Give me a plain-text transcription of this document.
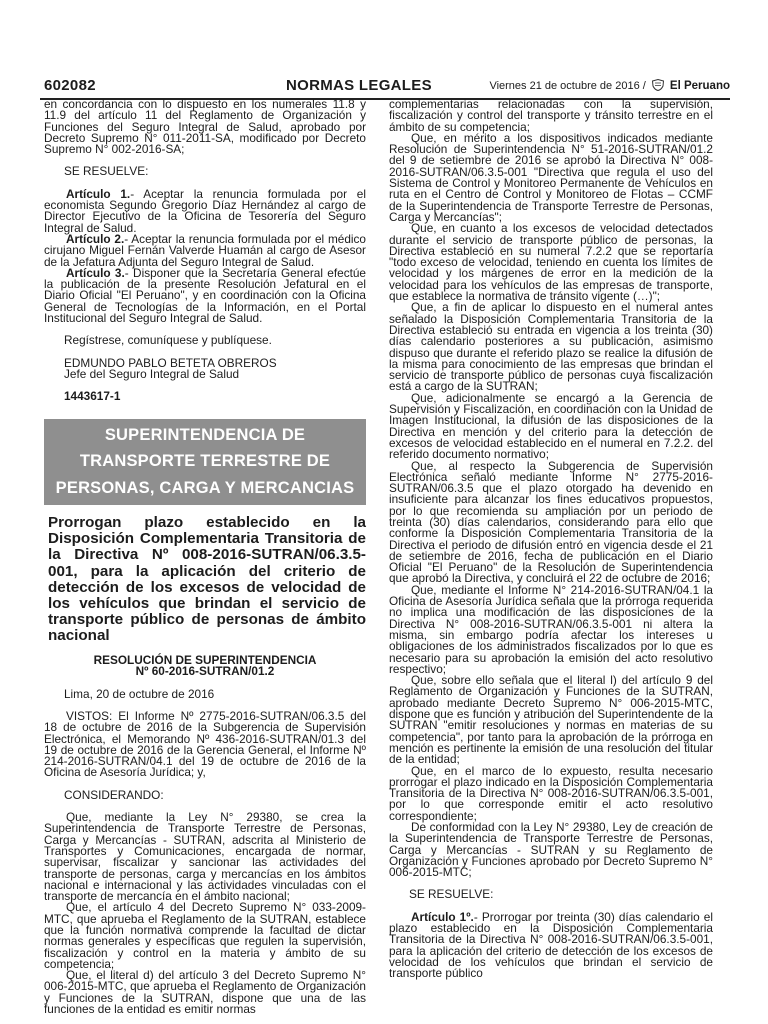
602082	NORMAS LEGALES	Viernes 21 de octubre de 2016 / El Peruano

en concordancia con lo dispuesto en los numerales 11.8 y 11.9 del artículo 11 del Reglamento de Organización y Funciones del Seguro Integral de Salud, aprobado por Decreto Supremo N° 011-2011-SA, modificado por Decreto Supremo N° 002-2016-SA;

SE RESUELVE:

Artículo 1.- Aceptar la renuncia formulada por el economista Segundo Gregorio Díaz Hernández al cargo de Director Ejecutivo de la Oficina de Tesorería del Seguro Integral de Salud.

Artículo 2.- Aceptar la renuncia formulada por el médico cirujano Miguel Fernán Valverde Huamán al cargo de Asesor de la Jefatura Adjunta del Seguro Integral de Salud.

Artículo 3.- Disponer que la Secretaría General efectúe la publicación de la presente Resolución Jefatural en el Diario Oficial "El Peruano", y en coordinación con la Oficina General de Tecnologías de la Información, en el Portal Institucional del Seguro Integral de Salud.

Regístrese, comuníquese y publíquese.

EDMUNDO PABLO BETETA OBREROS

Jefe del Seguro Integral de Salud

1443617-1

SUPERINTENDENCIA DE
TRANSPORTE TERRESTRE DE
PERSONAS, CARGA Y MERCANCIAS
Prorrogan plazo establecido en la Disposición Complementaria Transitoria de la Directiva Nº 008-2016-SUTRAN/06.3.5-001, para la aplicación del criterio de detección de los excesos de velocidad de los vehículos que brindan el servicio de transporte público de personas de ámbito nacional
RESOLUCIÓN DE SUPERINTENDENCIA
Nº 60-2016-SUTRAN/01.2

Lima, 20 de octubre de 2016

VISTOS: El Informe Nº 2775-2016-SUTRAN/06.3.5 del 18 de octubre de 2016 de la Subgerencia de Supervisión Electrónica, el Memorando Nº 436-2016-SUTRAN/01.3 del 19 de octubre de 2016 de la Gerencia General, el Informe Nº 214-2016-SUTRAN/04.1 del 19 de octubre de 2016 de la Oficina de Asesoría Jurídica; y,

CONSIDERANDO:

Que, mediante la Ley N° 29380, se crea la Superintendencia de Transporte Terrestre de Personas, Carga y Mercancías - SUTRAN, adscrita al Ministerio de Transportes y Comunicaciones, encargada de normar, supervisar, fiscalizar y sancionar las actividades del transporte de personas, carga y mercancías en los ámbitos nacional e internacional y las actividades vinculadas con el transporte de mercancía en el ámbito nacional;

Que, el artículo 4 del Decreto Supremo N° 033-2009-MTC, que aprueba el Reglamento de la SUTRAN, establece que la función normativa comprende la facultad de dictar normas generales y específicas que regulen la supervisión, fiscalización y control en la materia y ámbito de su competencia;

Que, el literal d) del artículo 3 del Decreto Supremo N° 006-2015-MTC, que aprueba el Reglamento de Organización y Funciones de la SUTRAN, dispone que una de las funciones de la entidad es emitir normas

complementarias relacionadas con la supervisión, fiscalización y control del transporte y tránsito terrestre en el ámbito de su competencia;

Que, en mérito a los dispositivos indicados mediante Resolución de Superintendencia N° 51-2016-SUTRAN/01.2 del 9 de setiembre de 2016 se aprobó la Directiva N° 008-2016-SUTRAN/06.3.5-001 "Directiva que regula el uso del Sistema de Control y Monitoreo Permanente de Vehículos en ruta en el Centro de Control y Monitoreo de Flotas – CCMF de la Superintendencia de Transporte Terrestre de Personas, Carga y Mercancías";

Que, en cuanto a los excesos de velocidad detectados durante el servicio de transporte público de personas, la Directiva estableció en su numeral 7.2.2 que se reportaría "todo exceso de velocidad, teniendo en cuenta los límites de velocidad y los márgenes de error en la medición de la velocidad para los vehículos de las empresas de transporte, que establece la normativa de tránsito vigente (…)";

Que, a fin de aplicar lo dispuesto en el numeral antes señalado la Disposición Complementaria Transitoria de la Directiva estableció su entrada en vigencia a los treinta (30) días calendario posteriores a su publicación, asimismo dispuso que durante el referido plazo se realice la difusión de la misma para conocimiento de las empresas que brindan el servicio de transporte público de personas cuya fiscalización está a cargo de la SUTRAN;

Que, adicionalmente se encargó a la Gerencia de Supervisión y Fiscalización, en coordinación con la Unidad de Imagen Institucional, la difusión de las disposiciones de la Directiva en mención y del criterio para la detección de excesos de velocidad establecido en el numeral en 7.2.2. del referido documento normativo;

Que, al respecto la Subgerencia de Supervisión Electrónica señaló mediante Informe N° 2775-2016-SUTRAN/06.3.5 que el plazo otorgado ha devenido en insuficiente para alcanzar los fines educativos propuestos, por lo que recomienda su ampliación por un periodo de treinta (30) días calendarios, considerando para ello que conforme la Disposición Complementaria Transitoria de la Directiva el periodo de difusión entró en vigencia desde el 21 de setiembre de 2016, fecha de publicación en el Diario Oficial "El Peruano" de la Resolución de Superintendencia que aprobó la Directiva, y concluirá el 22 de octubre de 2016;

Que, mediante el Informe N° 214-2016-SUTRAN/04.1 la Oficina de Asesoría Jurídica señala que la prórroga requerida no implica una modificación de las disposiciones de la Directiva N° 008-2016-SUTRAN/06.3.5-001 ni altera la misma, sin embargo podría afectar los intereses u obligaciones de los administrados fiscalizados por lo que es necesario para su aprobación la emisión del acto resolutivo respectivo;

Que, sobre ello señala que el literal l) del artículo 9 del Reglamento de Organización y Funciones de la SUTRAN, aprobado mediante Decreto Supremo N° 006-2015-MTC, dispone que es función y atribución del Superintendente de la SUTRAN "emitir resoluciones y normas en materias de su competencia", por tanto para la aprobación de la prórroga en mención es pertinente la emisión de una resolución del titular de la entidad;

Que, en el marco de lo expuesto, resulta necesario prorrogar el plazo indicado en la Disposición Complementaria Transitoria de la Directiva N° 008-2016-SUTRAN/06.3.5-001, por lo que corresponde emitir el acto resolutivo correspondiente;

De conformidad con la Ley N° 29380, Ley de creación de la Superintendencia de Transporte Terrestre de Personas, Carga y Mercancías - SUTRAN y su Reglamento de Organización y Funciones aprobado por Decreto Supremo N° 006-2015-MTC;

SE RESUELVE:

Artículo 1º.- Prorrogar por treinta (30) días calendario el plazo establecido en la Disposición Complementaria Transitoria de la Directiva N° 008-2016-SUTRAN/06.3.5-001, para la aplicación del criterio de detección de los excesos de velocidad de los vehículos que brindan el servicio de transporte público
